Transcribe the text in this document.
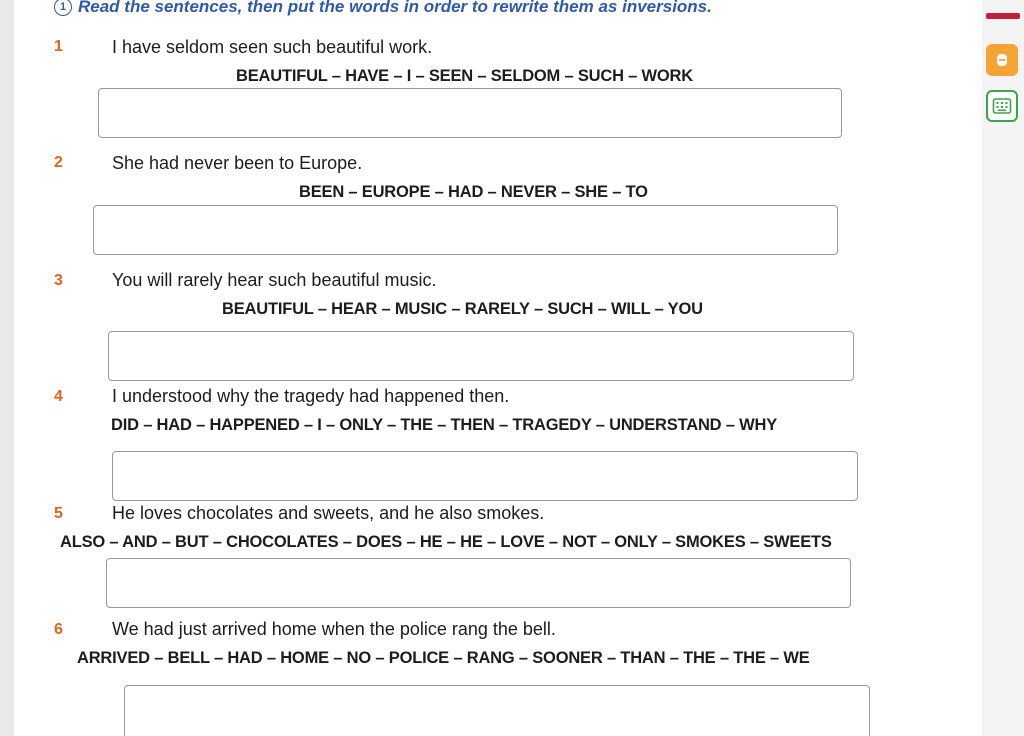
1 Read the sentences, then put the words in order to rewrite them as inversions.

1	I have seldom seen such beautiful work.
BEAUTIFUL – HAVE – I – SEEN – SELDOM – SUCH – WORK
2	She had never been to Europe.
BEEN – EUROPE – HAD – NEVER – SHE – TO
3	You will rarely hear such beautiful music.
BEAUTIFUL – HEAR – MUSIC – RARELY – SUCH – WILL – YOU
4	I understood why the tragedy had happened then.
DID – HAD – HAPPENED – I – ONLY – THE – THEN – TRAGEDY – UNDERSTAND – WHY
5	He loves chocolates and sweets, and he also smokes.
ALSO – AND – BUT – CHOCOLATES – DOES – HE – HE – LOVE – NOT – ONLY – SMOKES – SWEETS
6	We had just arrived home when the police rang the bell.
ARRIVED – BELL – HAD – HOME – NO – POLICE – RANG – SOONER – THAN – THE – THE – WE
